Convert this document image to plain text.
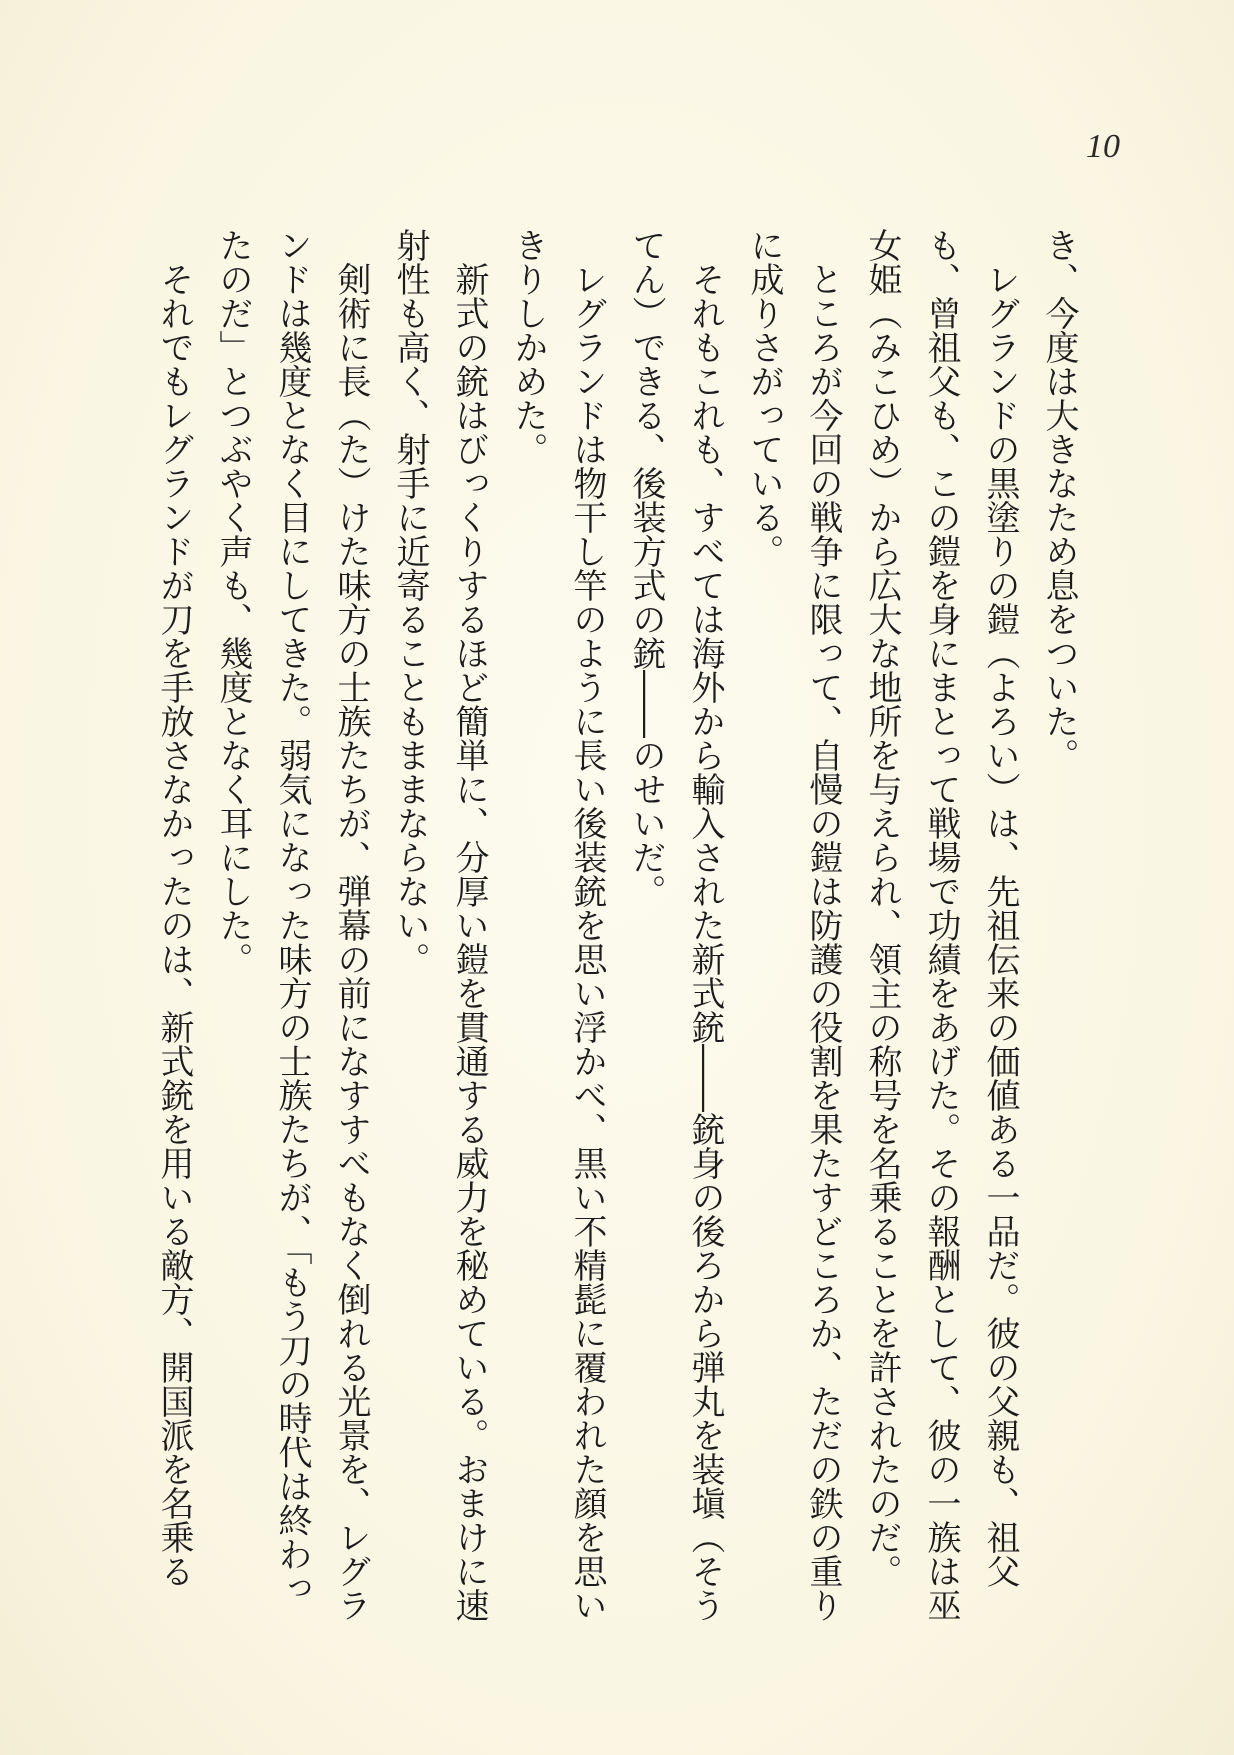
10
き、今度は大きなため息をついた。
レグランドの黒塗りの鎧（よろい）は、先祖伝来の価値ある一品だ。彼の父親も、祖父も、曾祖父も、この鎧を身にまとって戦場で功績をあげた。その報酬として、彼の一族は巫女姫（みこひめ）から広大な地所を与えられ、領主の称号を名乗ることを許されたのだ。
ところが今回の戦争に限って、自慢の鎧は防護の役割を果たすどころか、ただの鉄の重りに成りさがっている。
それもこれも、すべては海外から輸入された新式銃――銃身の後ろから弾丸を装塡（そうてん）できる、後装方式の銃――のせいだ。
レグランドは物干し竿のように長い後装銃を思い浮かべ、黒い不精髭に覆われた顔を思いきりしかめた。
新式の銃はびっくりするほど簡単に、分厚い鎧を貫通する威力を秘めている。おまけに速射性も高く、射手に近寄ることもままならない。
剣術に長（た）けた味方の士族たちが、弾幕の前になすすべもなく倒れる光景を、レグランドは幾度となく目にしてきた。弱気になった味方の士族たちが、「もう刀の時代は終わったのだ」とつぶやく声も、幾度となく耳にした。
それでもレグランドが刀を手放さなかったのは、新式銃を用いる敵方、開国派を名乗る
